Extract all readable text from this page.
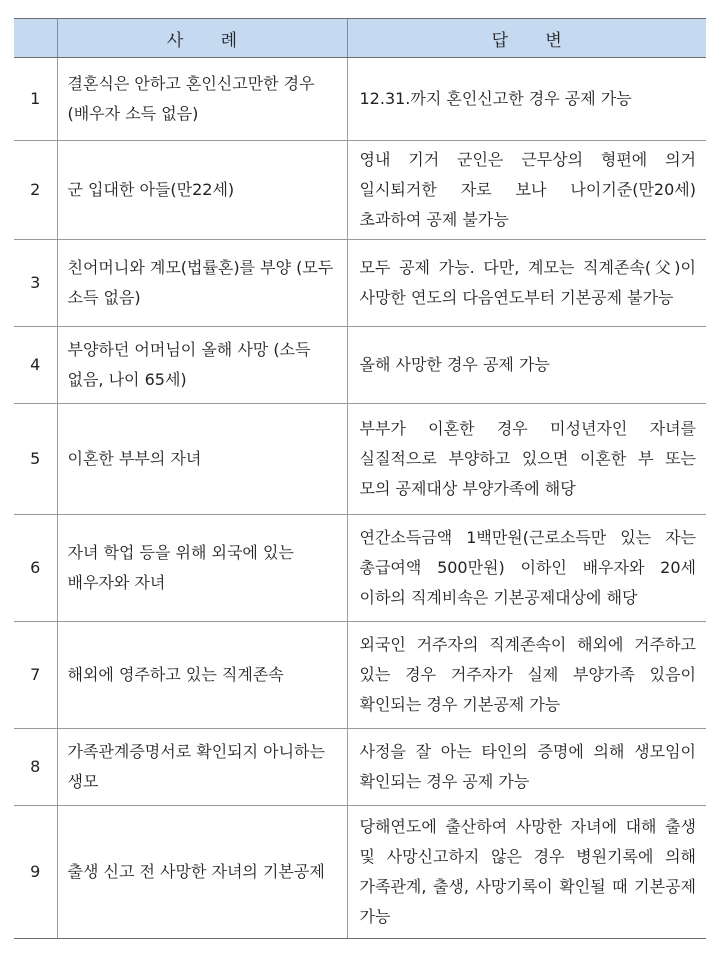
	사례	답변
1	결혼식은 안하고 혼인신고만한 경우(배우자 소득 없음)	12.31.까지 혼인신고한 경우 공제 가능
2	군 입대한 아들(만22세)	영내 기거 군인은 근무상의 형편에 의거 일시퇴거한 자로 보나 나이기준(만20세) 초과하여 공제 불가능
3	친어머니와 계모(법률혼)를 부양 (모두 소득 없음)	모두 공제 가능. 다만, 계모는 직계존속(父)이 사망한 연도의 다음연도부터 기본공제 불가능
4	부양하던 어머님이 올해 사망 (소득 없음, 나이 65세)	올해 사망한 경우 공제 가능
5	이혼한 부부의 자녀	부부가 이혼한 경우 미성년자인 자녀를 실질적으로 부양하고 있으면 이혼한 부 또는 모의 공제대상 부양가족에 해당
6	자녀 학업 등을 위해 외국에 있는 배우자와 자녀	연간소득금액 1백만원(근로소득만 있는 자는 총급여액 500만원) 이하인 배우자와 20세 이하의 직계비속은 기본공제대상에 해당
7	해외에 영주하고 있는 직계존속	외국인 거주자의 직계존속이 해외에 거주하고 있는 경우 거주자가 실제 부양가족 있음이 확인되는 경우 기본공제 가능
8	가족관계증명서로 확인되지 아니하는 생모	사정을 잘 아는 타인의 증명에 의해 생모임이 확인되는 경우 공제 가능
9	출생 신고 전 사망한 자녀의 기본공제	당해연도에 출산하여 사망한 자녀에 대해 출생 및 사망신고하지 않은 경우 병원기록에 의해 가족관계, 출생, 사망기록이 확인될 때 기본공제 가능
